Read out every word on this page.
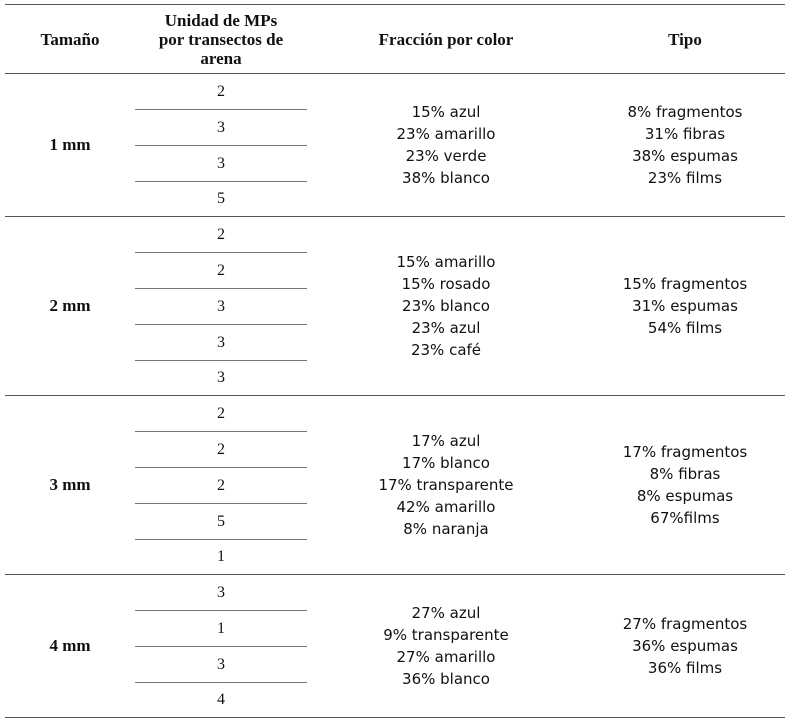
Tamaño
Unidad de MPs
por transectos de
arena
Fracción por color	Tipo
1 mm
2
3
3
5
15% azul
23% amarillo
23% verde
38% blanco
8% fragmentos
31% fibras
38% espumas
23% films
2 mm
2
2
3
3
3
15% amarillo
15% rosado
23% blanco
23% azul
23% café
15% fragmentos
31% espumas
54% films
3 mm
2
2
2
5
1
17% azul
17% blanco
17% transparente
42% amarillo
8% naranja
17% fragmentos
8% fibras
8% espumas
67%films
4 mm
3
1
3
4
27% azul
9% transparente
27% amarillo
36% blanco
27% fragmentos
36% espumas
36% films
